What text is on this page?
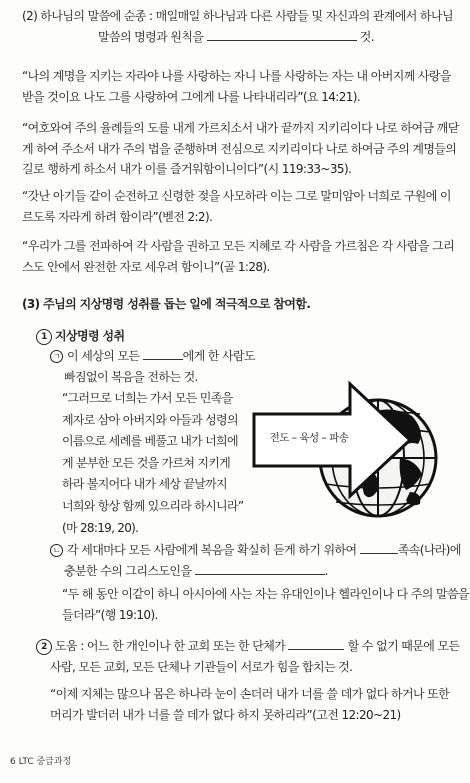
(2) 하나님의 말씀에 순종 : 매일매일 하나님과 다른 사람들 및 자신과의 관계에서 하나님
말씀의 명령과 원칙을	것.
“나의 계명을 지키는 자라야 나를 사랑하는 자니 나를 사랑하는 자는 내 아버지께 사랑을
받을 것이요 나도 그를 사랑하여 그에게 나를 나타내리라”(요 14:21).
“여호와여 주의 율례들의 도를 내게 가르치소서 내가 끝까지 지키리이다 나로 하여금 깨닫
게 하여 주소서 내가 주의 법을 준행하며 전심으로 지키리이다 나로 하여금 주의 계명들의
길로 행하게 하소서 내가 이를 즐거워함이니이다”(시 119:33~35).
“갓난 아기들 같이 순전하고 신령한 젖을 사모하라 이는 그로 말미암아 너희로 구원에 이
르도록 자라게 하려 함이라”(벧전 2:2).
“우리가 그를 전파하여 각 사람을 권하고 모든 지혜로 각 사람을 가르침은 각 사람을 그리
스도 안에서 완전한 자로 세우려 함이니”(골 1:28).
(3) 주님의 지상명령 성취를 돕는 일에 적극적으로 참여함.
1 지상명령 성취
ㄱ 이 세상의 모든	에게 한 사람도
빠짐없이 복음을 전하는 것.
“그러므로 너희는 가서 모든 민족을
제자로 삼아 아버지와 아들과 성령의
이름으로 세례를 베풀고 내가 너희에
게 분부한 모든 것을 가르쳐 지키게
하라 볼지어다 내가 세상 끝날까지
너희와 항상 함께 있으리라 하시니라”
(마 28:19, 20).
전도 – 육성 – 파송
ㄴ 각 세대마다 모든 사람에게 복음을 확실히 듣게 하기 위하여	족속(나라)에
충분한 수의 그리스도인을	.
“두 해 동안 이같이 하니 아시아에 사는 자는 유대인이나 헬라인이나 다 주의 말씀을
들더라”(행 19:10).
2 도움 : 어느 한 개인이나 한 교회 또는 한 단체가	할 수 없기 때문에 모든
사람, 모든 교회, 모든 단체나 기관들이 서로가 힘을 합치는 것.
“이제 지체는 많으나 몸은 하나라 눈이 손더러 내가 너를 쓸 데가 없다 하거나 또한
머리가 발더러 내가 너를 쓸 데가 없다 하지 못하리라”(고전 12:20~21)
6 LTC 중급과정
